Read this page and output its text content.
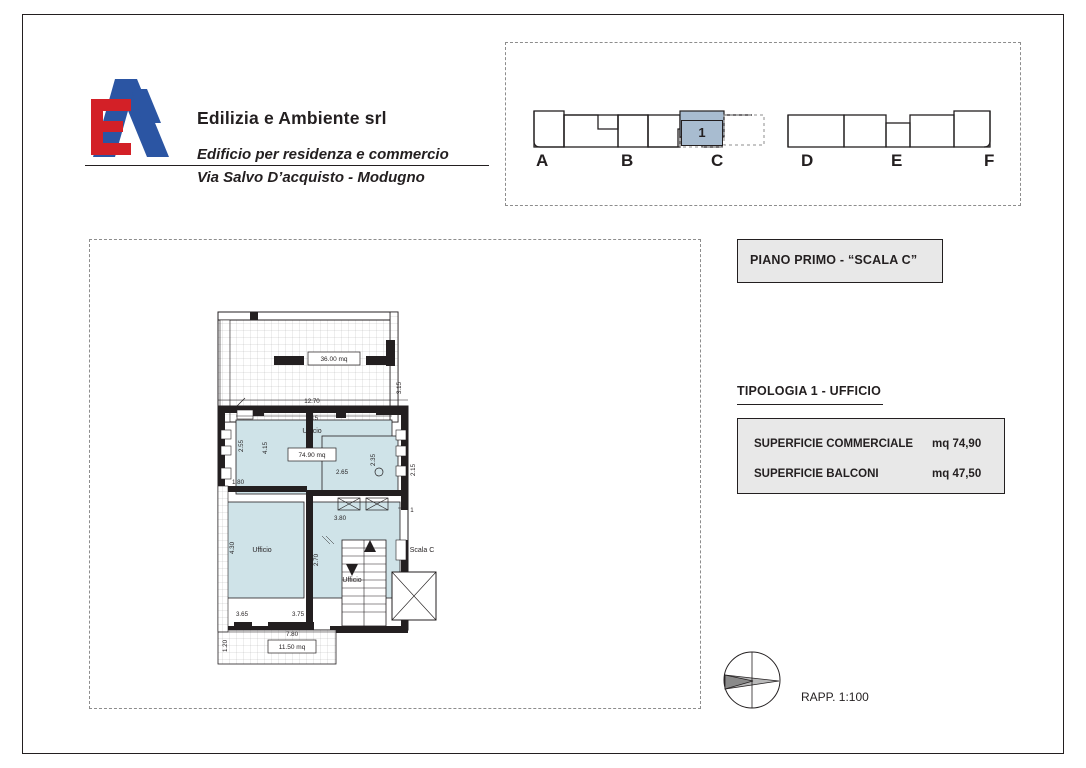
Edilizia e Ambiente srl
Edificio per residenza e commercio
Via Salvo D’acquisto - Modugno
A	B	C	D	E	F
1
PIANO PRIMO - “SCALA C”
TIPOLOGIA 1 - UFFICIO
SUPERFICIE COMMERCIALE mq 74,90
SUPERFICIE BALCONI	mq 47,50
RAPP. 1:100
36.00 mq
3.15
74.90 mq
11.50 mq
Ufficio
Ufficio
Ufficio
Scala C
12.70
8.15
2.55	4.15
2.35
2.15
2.65
1.80
4.30
3.80
2.70
3.65	3.75
7.80
1.20
1
